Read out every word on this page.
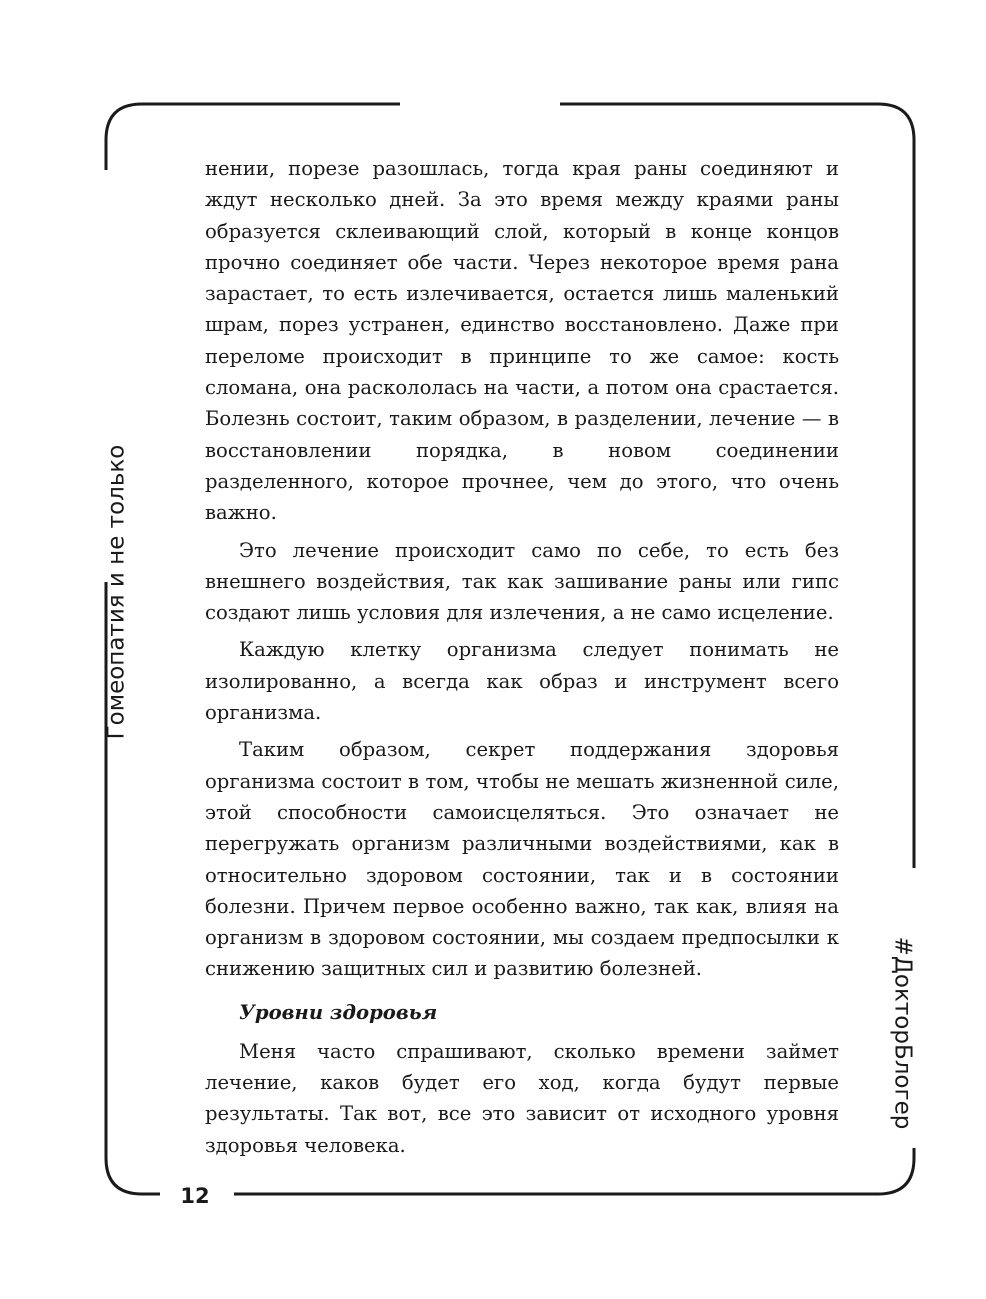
Гомеопатия и не только
#ДокторБлогер

нении, порезе разошлась, тогда края раны соединяют и ждут несколько дней. За это время между краями раны образуется склеивающий слой, который в конце концов прочно соединяет обе части. Через некоторое время рана зарастает, то есть излечивается, остается лишь маленький шрам, порез устранен, единство восстановлено. Даже при переломе происходит в принципе то же самое: кость сломана, она раскололась на части, а потом она срастается. Болезнь состоит, таким образом, в разделении, лечение — в восстановлении порядка, в новом соединении разделенного, которое прочнее, чем до этого, что очень важно.

Это лечение происходит само по себе, то есть без внешнего воздействия, так как зашивание раны или гипс создают лишь условия для излечения, а не само исцеление.

Каждую клетку организма следует понимать не изолированно, а всегда как образ и инструмент всего организма.

Таким образом, секрет поддержания здоровья организма состоит в том, чтобы не мешать жизненной силе, этой способности самоисцеляться. Это означает не перегружать организм различными воздействиями, как в относительно здоровом состоянии, так и в состоянии болезни. Причем первое особенно важно, так как, влияя на организм в здоровом состоянии, мы создаем предпосылки к снижению защитных сил и развитию болезней.

Уровни здоровья

Меня часто спрашивают, сколько времени займет лечение, каков будет его ход, когда будут первые результаты. Так вот, все это зависит от исходного уровня здоровья человека.

12
